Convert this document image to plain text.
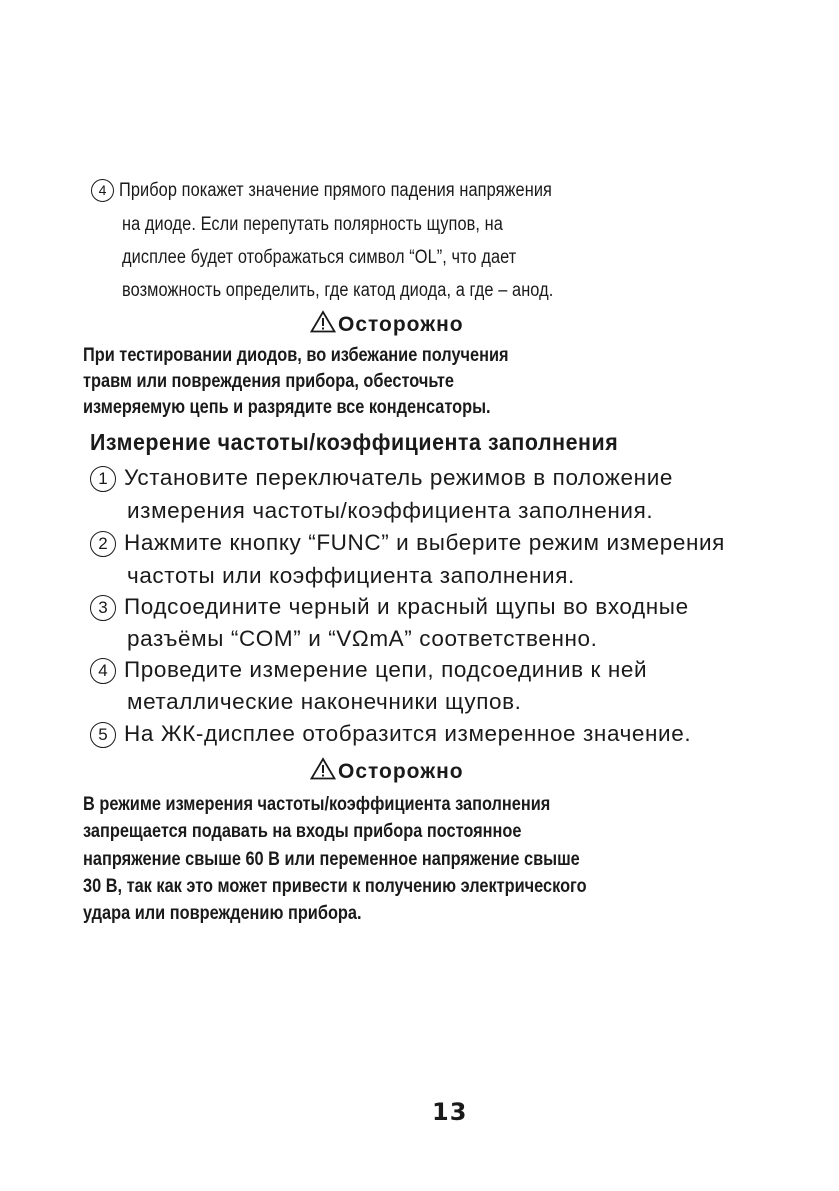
4 Прибор покажет значение прямого падения напряжения
на диоде. Если перепутать полярность щупов, на
дисплее будет отображаться символ “OL”, что дает
возможность определить, где катод диода, а где – анод.
Осторожно
При тестировании диодов, во избежание получения
травм или повреждения прибора, обесточьте
измеряемую цепь и разрядите все конденсаторы.
Измерение частоты/коэффициента заполнения
1 Установите переключатель режимов в положение
измерения частоты/коэффициента заполнения.
2 Нажмите кнопку “FUNC” и выберите режим измерения
частоты или коэффициента заполнения.
3 Подсоедините черный и красный щупы во входные
разъёмы “COM” и “VΩmA” соответственно.
4 Проведите измерение цепи, подсоединив к ней
металлические наконечники щупов.
5 На ЖК-дисплее отобразится измеренное значение.
Осторожно
В режиме измерения частоты/коэффициента заполнения
запрещается подавать на входы прибора постоянное
напряжение свыше 60 В или переменное напряжение свыше
30 В, так как это может привести к получению электрического
удара или повреждению прибора.
13
